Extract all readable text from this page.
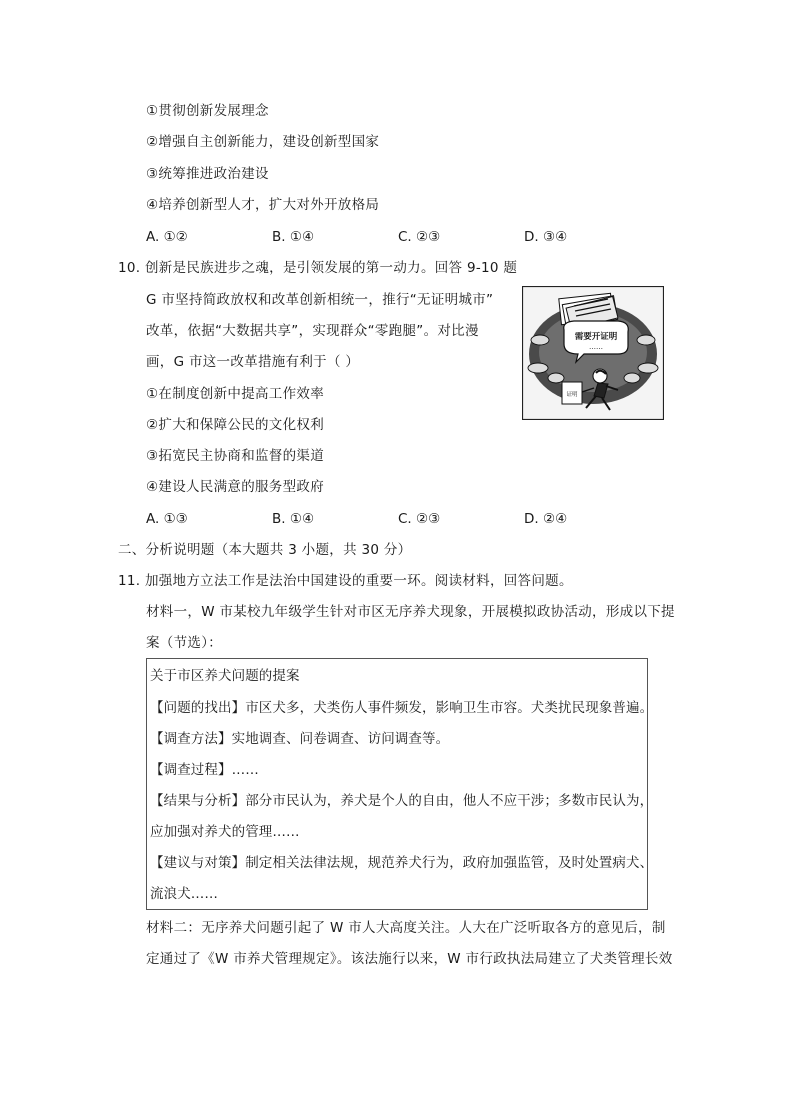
①贯彻创新发展理念
②增强自主创新能力，建设创新型国家
③统筹推进政治建设
④培养创新型人才，扩大对外开放格局
A. ①②	B. ①④	C. ②③	D. ③④
10. 创新是民族进步之魂，是引领发展的第一动力。回答 9-10 题
G 市坚持简政放权和改革创新相统一，推行“无证明城市”
改革，依据“大数据共享”，实现群众“零跑腿”。对比漫
画，G 市这一改革措施有利于（ ）
①在制度创新中提高工作效率
②扩大和保障公民的文化权利
③拓宽民主协商和监督的渠道
④建设人民满意的服务型政府
A. ①③	B. ①④	C. ②③	D. ②④
需要开证明
……
证明
二、分析说明题（本大题共 3 小题，共 30 分）
11. 加强地方立法工作是法治中国建设的重要一环。阅读材料，回答问题。
材料一，W 市某校九年级学生针对市区无序养犬现象，开展模拟政协活动，形成以下提
案（节选）：
关于市区养犬问题的提案
【问题的找出】市区犬多，犬类伤人事件频发，影响卫生市容。犬类扰民现象普遍。
【调查方法】实地调查、问卷调查、访问调查等。
【调查过程】……
【结果与分析】部分市民认为，养犬是个人的自由，他人不应干涉；多数市民认为，
应加强对养犬的管理……
【建议与对策】制定相关法律法规，规范养犬行为，政府加强监管，及时处置病犬、
流浪犬……
材料二：无序养犬问题引起了 W 市人大高度关注。人大在广泛听取各方的意见后，制
定通过了《W 市养犬管理规定》。该法施行以来，W 市行政执法局建立了犬类管理长效
